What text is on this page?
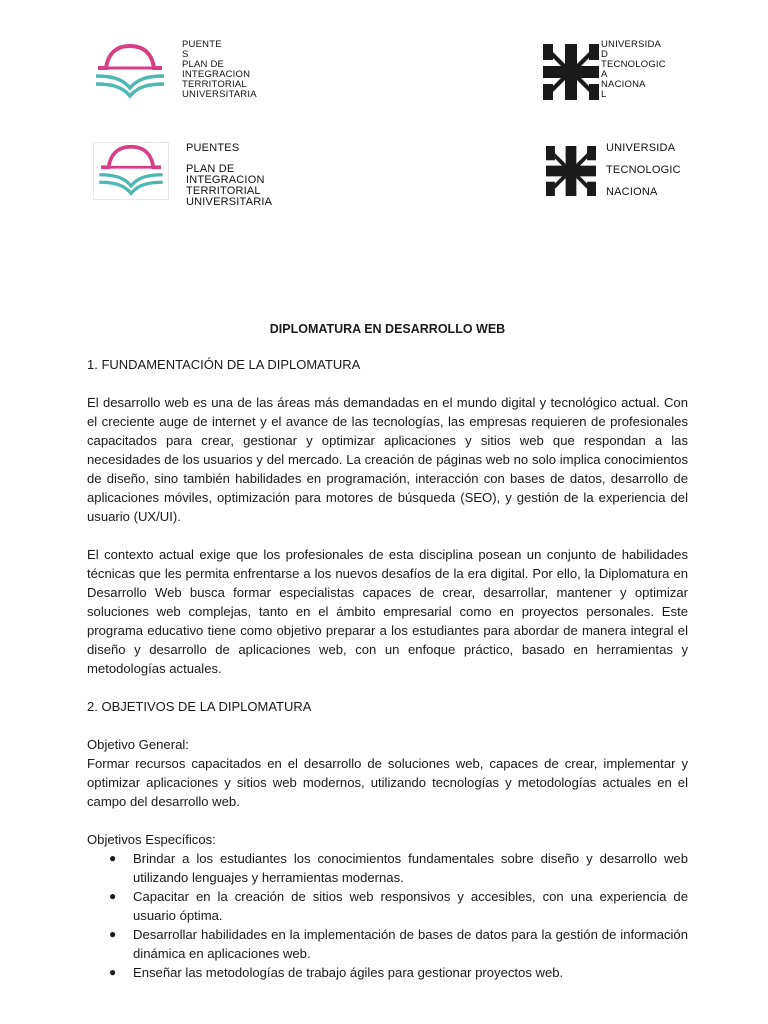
PUENTE
S
PLAN DE
INTEGRACION
TERRITORIAL
UNIVERSITARIA
UNIVERSIDA
D
TECNOLOGIC
A
NACIONA
L
PUENTES
PLAN DE
INTEGRACION
TERRITORIAL
UNIVERSITARIA
UNIVERSIDA
TECNOLOGIC
NACIONA

DIPLOMATURA EN DESARROLLO WEB

1. FUNDAMENTACIÓN DE LA DIPLOMATURA

El desarrollo web es una de las áreas más demandadas en el mundo digital y tecnológico actual. Con el creciente auge de internet y el avance de las tecnologías, las empresas requieren de profesionales capacitados para crear, gestionar y optimizar aplicaciones y sitios web que respondan a las necesidades de los usuarios y del mercado. La creación de páginas web no solo implica conocimientos de diseño, sino también habilidades en programación, interacción con bases de datos, desarrollo de aplicaciones móviles, optimización para motores de búsqueda (SEO), y gestión de la experiencia del usuario (UX/UI).

El contexto actual exige que los profesionales de esta disciplina posean un conjunto de habilidades técnicas que les permita enfrentarse a los nuevos desafíos de la era digital. Por ello, la Diplomatura en Desarrollo Web busca formar especialistas capaces de crear, desarrollar, mantener y optimizar soluciones web complejas, tanto en el ámbito empresarial como en proyectos personales. Este programa educativo tiene como objetivo preparar a los estudiantes para abordar de manera integral el diseño y desarrollo de aplicaciones web, con un enfoque práctico, basado en herramientas y metodologías actuales.

2. OBJETIVOS DE LA DIPLOMATURA

Objetivo General:

Formar recursos capacitados en el desarrollo de soluciones web, capaces de crear, implementar y optimizar aplicaciones y sitios web modernos, utilizando tecnologías y metodologías actuales en el campo del desarrollo web.

Objetivos Específicos:

● Brindar a los estudiantes los conocimientos fundamentales sobre diseño y desarrollo web utilizando lenguajes y herramientas modernas.
● Capacitar en la creación de sitios web responsivos y accesibles, con una experiencia de usuario óptima.
● Desarrollar habilidades en la implementación de bases de datos para la gestión de información dinámica en aplicaciones web.
● Enseñar las metodologías de trabajo ágiles para gestionar proyectos web.
